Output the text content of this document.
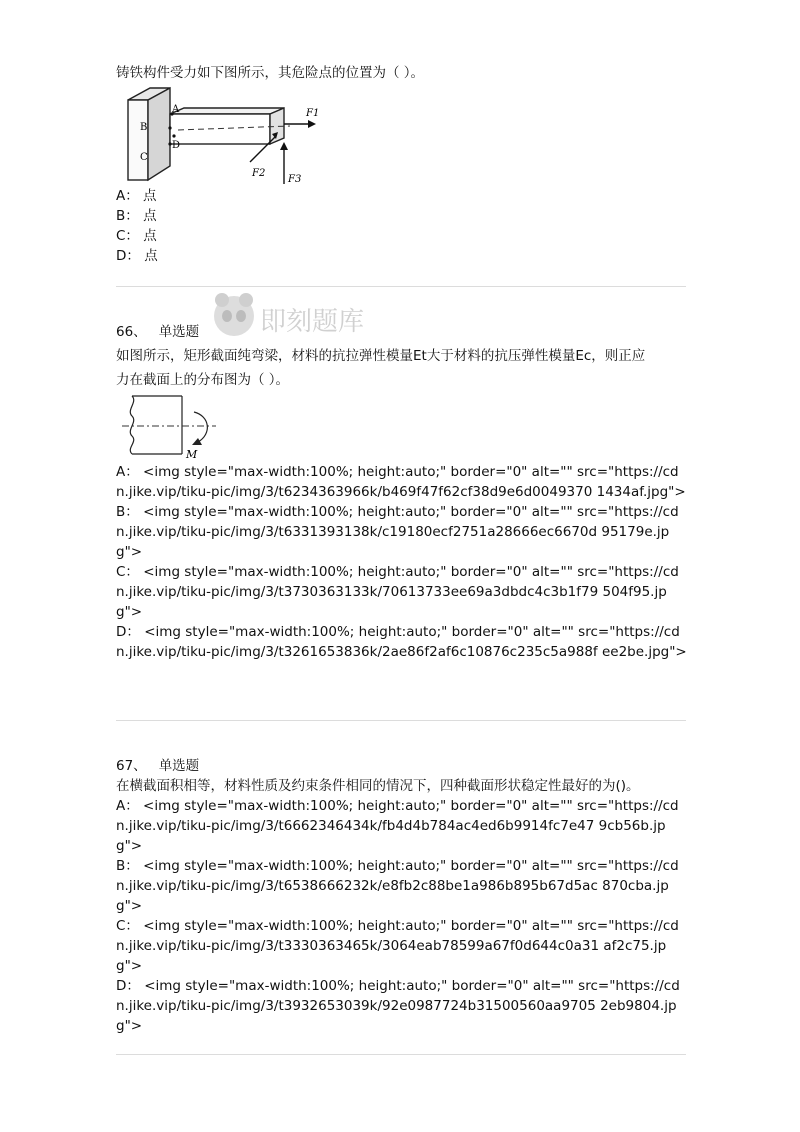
铸铁构件受力如下图所示，其危险点的位置为（ ）。
A
B
C
D
F1
F2
F3
A： 点
B： 点
C： 点
D： 点
即刻题库
66、 单选题
如图所示，矩形截面纯弯梁，材料的抗拉弹性模量Et大于材料的抗压弹性模量Ec，则正应
力在截面上的分布图为（ ）。
M
A： <img style="max-width:100%; height:auto;" border="0" alt="" src="https://cdn.jike.vip/tiku-pic/img/3/t6234363966k/b469f47f62cf38d9e6d0049370 1434af.jpg">
B： <img style="max-width:100%; height:auto;" border="0" alt="" src="https://cdn.jike.vip/tiku-pic/img/3/t6331393138k/c19180ecf2751a28666ec6670d 95179e.jpg">
C： <img style="max-width:100%; height:auto;" border="0" alt="" src="https://cdn.jike.vip/tiku-pic/img/3/t3730363133k/70613733ee69a3dbdc4c3b1f79 504f95.jpg">
D： <img style="max-width:100%; height:auto;" border="0" alt="" src="https://cdn.jike.vip/tiku-pic/img/3/t3261653836k/2ae86f2af6c10876c235c5a988f ee2be.jpg">
67、 单选题
在横截面积相等，材料性质及约束条件相同的情况下，四种截面形状稳定性最好的为()。
A： <img style="max-width:100%; height:auto;" border="0" alt="" src="https://cdn.jike.vip/tiku-pic/img/3/t6662346434k/fb4d4b784ac4ed6b9914fc7e47 9cb56b.jpg">
B： <img style="max-width:100%; height:auto;" border="0" alt="" src="https://cdn.jike.vip/tiku-pic/img/3/t6538666232k/e8fb2c88be1a986b895b67d5ac 870cba.jpg">
C： <img style="max-width:100%; height:auto;" border="0" alt="" src="https://cdn.jike.vip/tiku-pic/img/3/t3330363465k/3064eab78599a67f0d644c0a31 af2c75.jpg">
D： <img style="max-width:100%; height:auto;" border="0" alt="" src="https://cdn.jike.vip/tiku-pic/img/3/t3932653039k/92e0987724b31500560aa9705 2eb9804.jpg">
